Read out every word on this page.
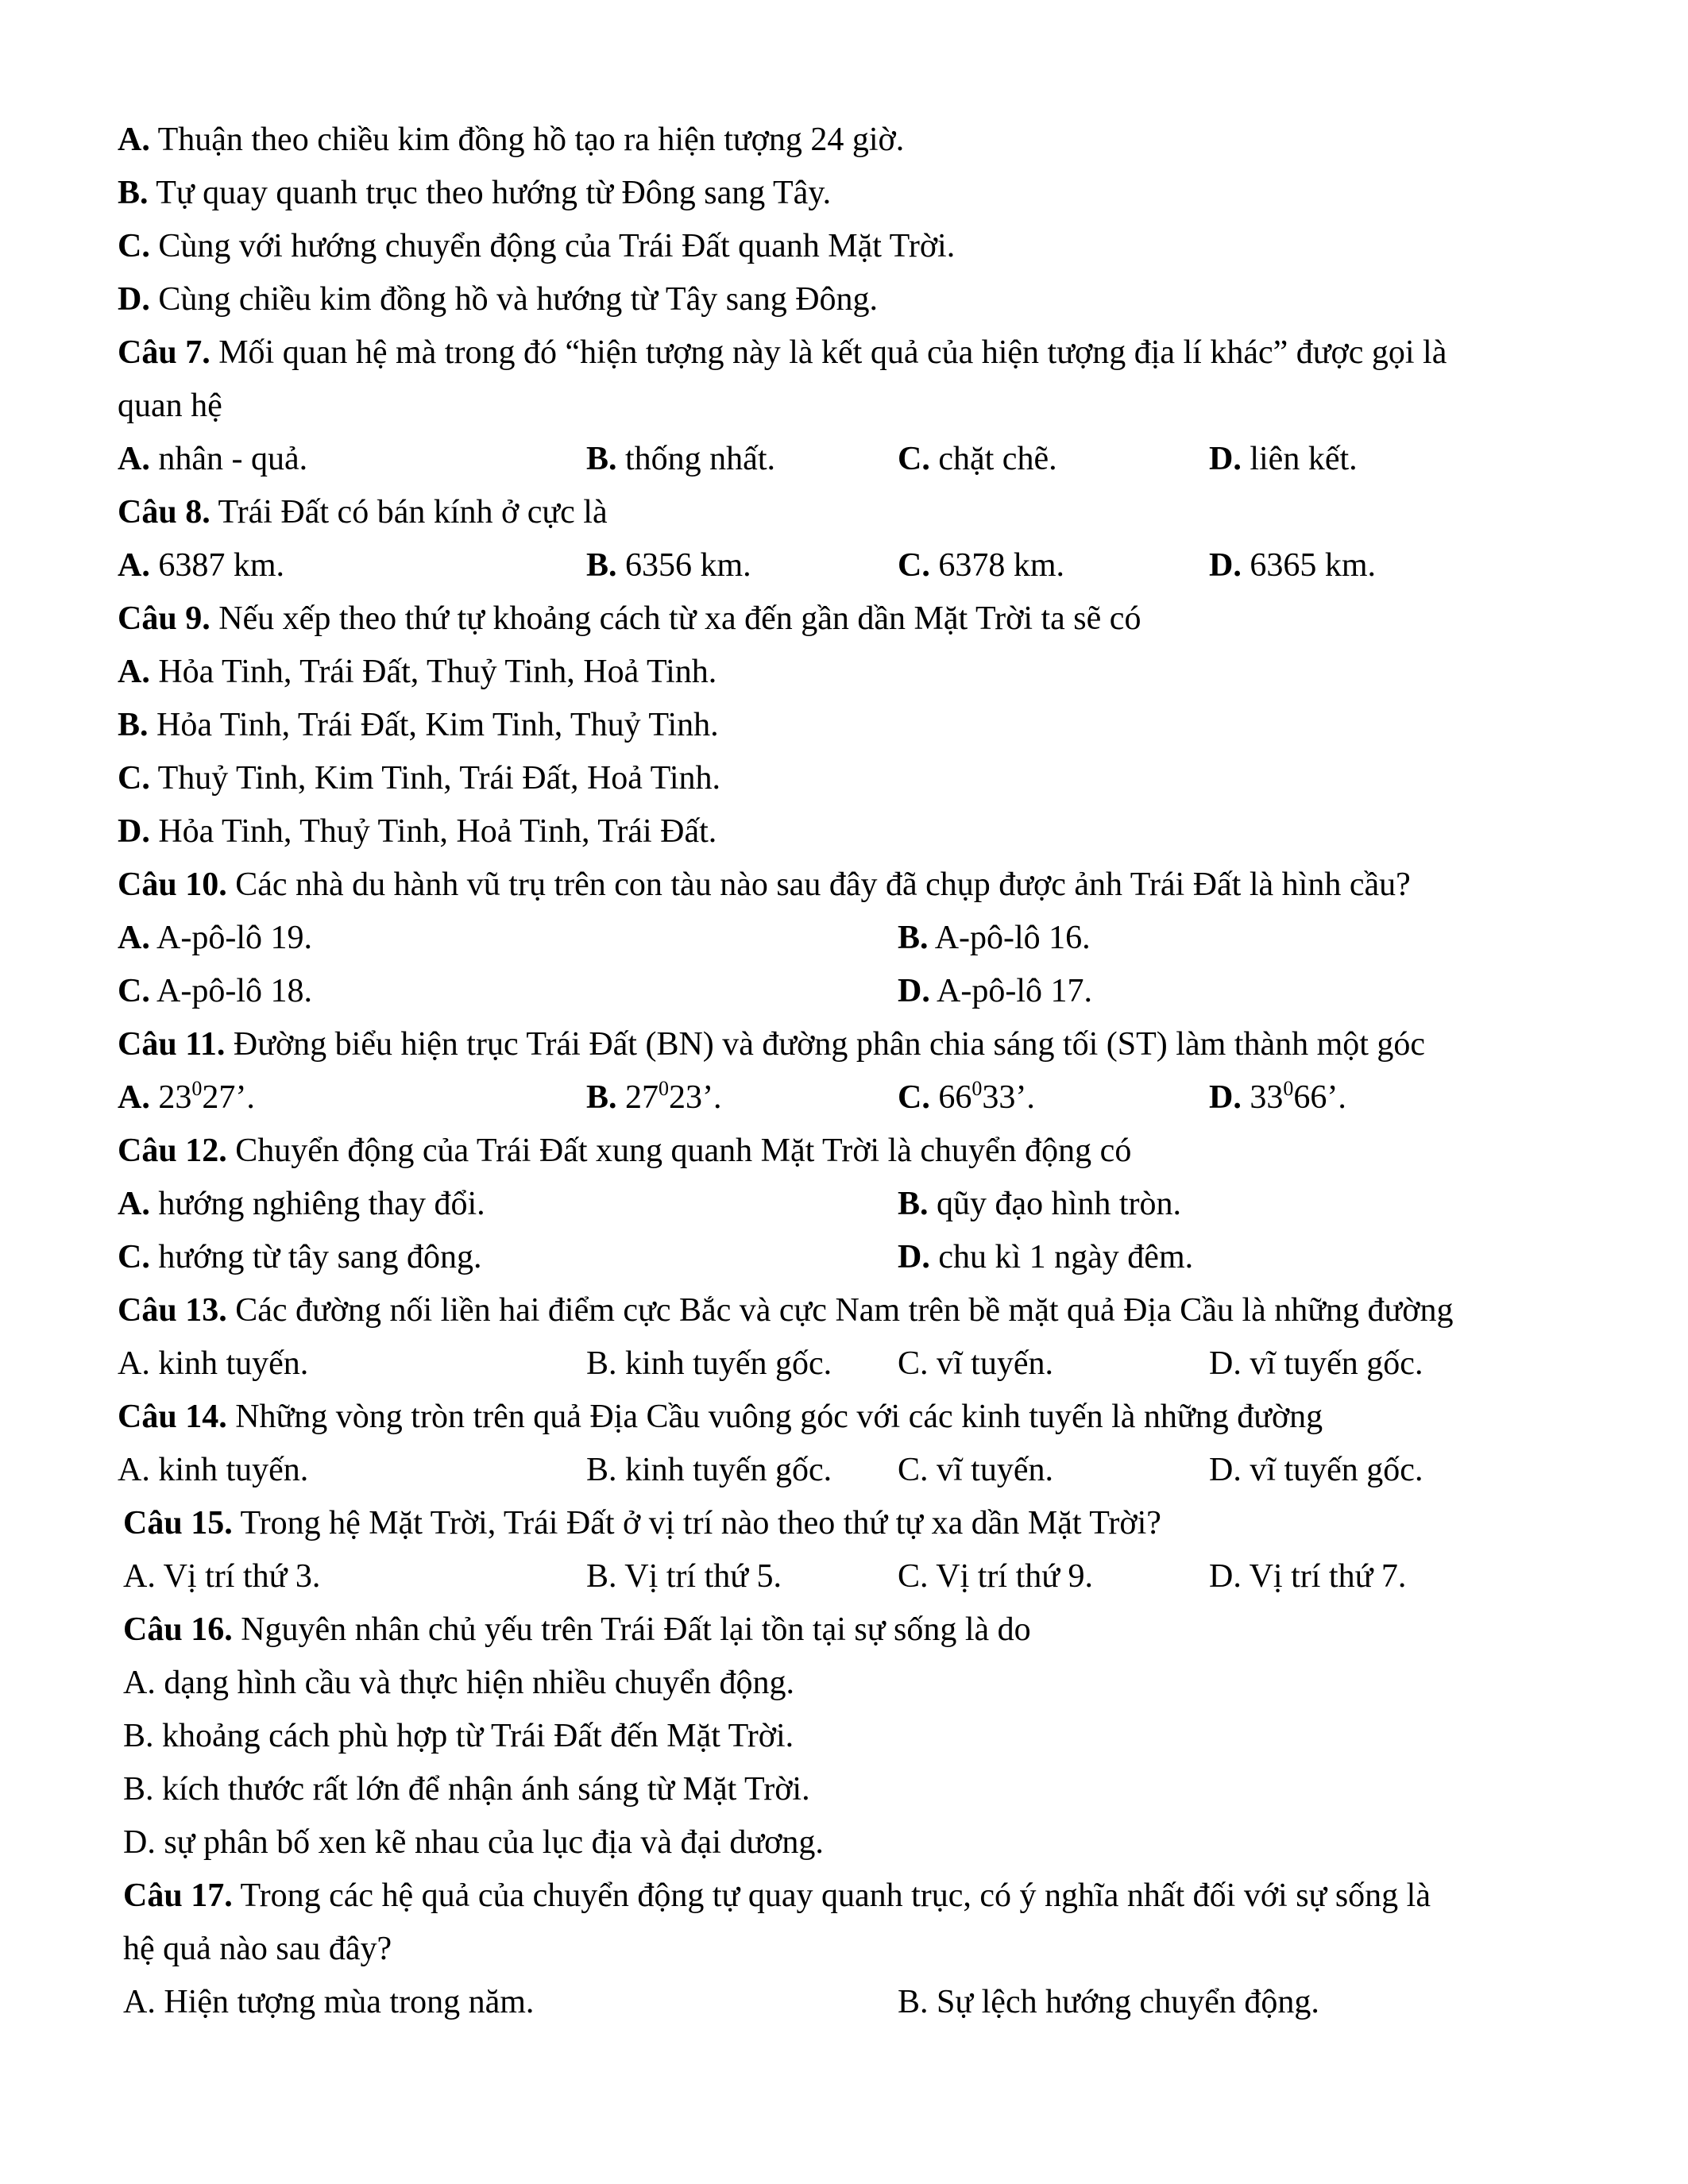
A. Thuận theo chiều kim đồng hồ tạo ra hiện tượng 24 giờ.
B. Tự quay quanh trục theo hướng từ Đông sang Tây.
C. Cùng với hướng chuyển động của Trái Đất quanh Mặt Trời.
D. Cùng chiều kim đồng hồ và hướng từ Tây sang Đông.
Câu 7. Mối quan hệ mà trong đó “hiện tượng này là kết quả của hiện tượng địa lí khác” được gọi là
quan hệ
A. nhân - quả.	B. thống nhất.	C. chặt chẽ.	D. liên kết.
Câu 8. Trái Đất có bán kính ở cực là
A. 6387 km.	B. 6356 km.	C. 6378 km.	D. 6365 km.
Câu 9. Nếu xếp theo thứ tự khoảng cách từ xa đến gần dần Mặt Trời ta sẽ có
A. Hỏa Tinh, Trái Đất, Thuỷ Tinh, Hoả Tinh.
B. Hỏa Tinh, Trái Đất, Kim Tinh, Thuỷ Tinh.
C. Thuỷ Tinh, Kim Tinh, Trái Đất, Hoả Tinh.
D. Hỏa Tinh, Thuỷ Tinh, Hoả Tinh, Trái Đất.
Câu 10. Các nhà du hành vũ trụ trên con tàu nào sau đây đã chụp được ảnh Trái Đất là hình cầu?
A. A-pô-lô 19.	B. A-pô-lô 16.
C. A-pô-lô 18.	D. A-pô-lô 17.
Câu 11. Đường biểu hiện trục Trái Đất (BN) và đường phân chia sáng tối (ST) làm thành một góc
A. $23^027$’.	B. $27^023$’.	C. $66^033$’.	D. $33^066$’.
Câu 12. Chuyển động của Trái Đất xung quanh Mặt Trời là chuyển động có
A. hướng nghiêng thay đổi.	B. qũy đạo hình tròn.
C. hướng từ tây sang đông.	D. chu kì 1 ngày đêm.
Câu 13. Các đường nối liền hai điểm cực Bắc và cực Nam trên bề mặt quả Địa Cầu là những đường
A. kinh tuyến.	B. kinh tuyến gốc. C. vĩ tuyến.	D. vĩ tuyến gốc.
Câu 14. Những vòng tròn trên quả Địa Cầu vuông góc với các kinh tuyến là những đường
A. kinh tuyến.	B. kinh tuyến gốc. C. vĩ tuyến.	D. vĩ tuyến gốc.
Câu 15. Trong hệ Mặt Trời, Trái Đất ở vị trí nào theo thứ tự xa dần Mặt Trời?
A. Vị trí thứ 3.	B. Vị trí thứ 5.	C. Vị trí thứ 9.	D. Vị trí thứ 7.
Câu 16. Nguyên nhân chủ yếu trên Trái Đất lại tồn tại sự sống là do
A. dạng hình cầu và thực hiện nhiều chuyển động.
B. khoảng cách phù hợp từ Trái Đất đến Mặt Trời.
B. kích thước rất lớn để nhận ánh sáng từ Mặt Trời.
D. sự phân bố xen kẽ nhau của lục địa và đại dương.
Câu 17. Trong các hệ quả của chuyển động tự quay quanh trục, có ý nghĩa nhất đối với sự sống là
hệ quả nào sau đây?
A. Hiện tượng mùa trong năm.	B. Sự lệch hướng chuyển động.
